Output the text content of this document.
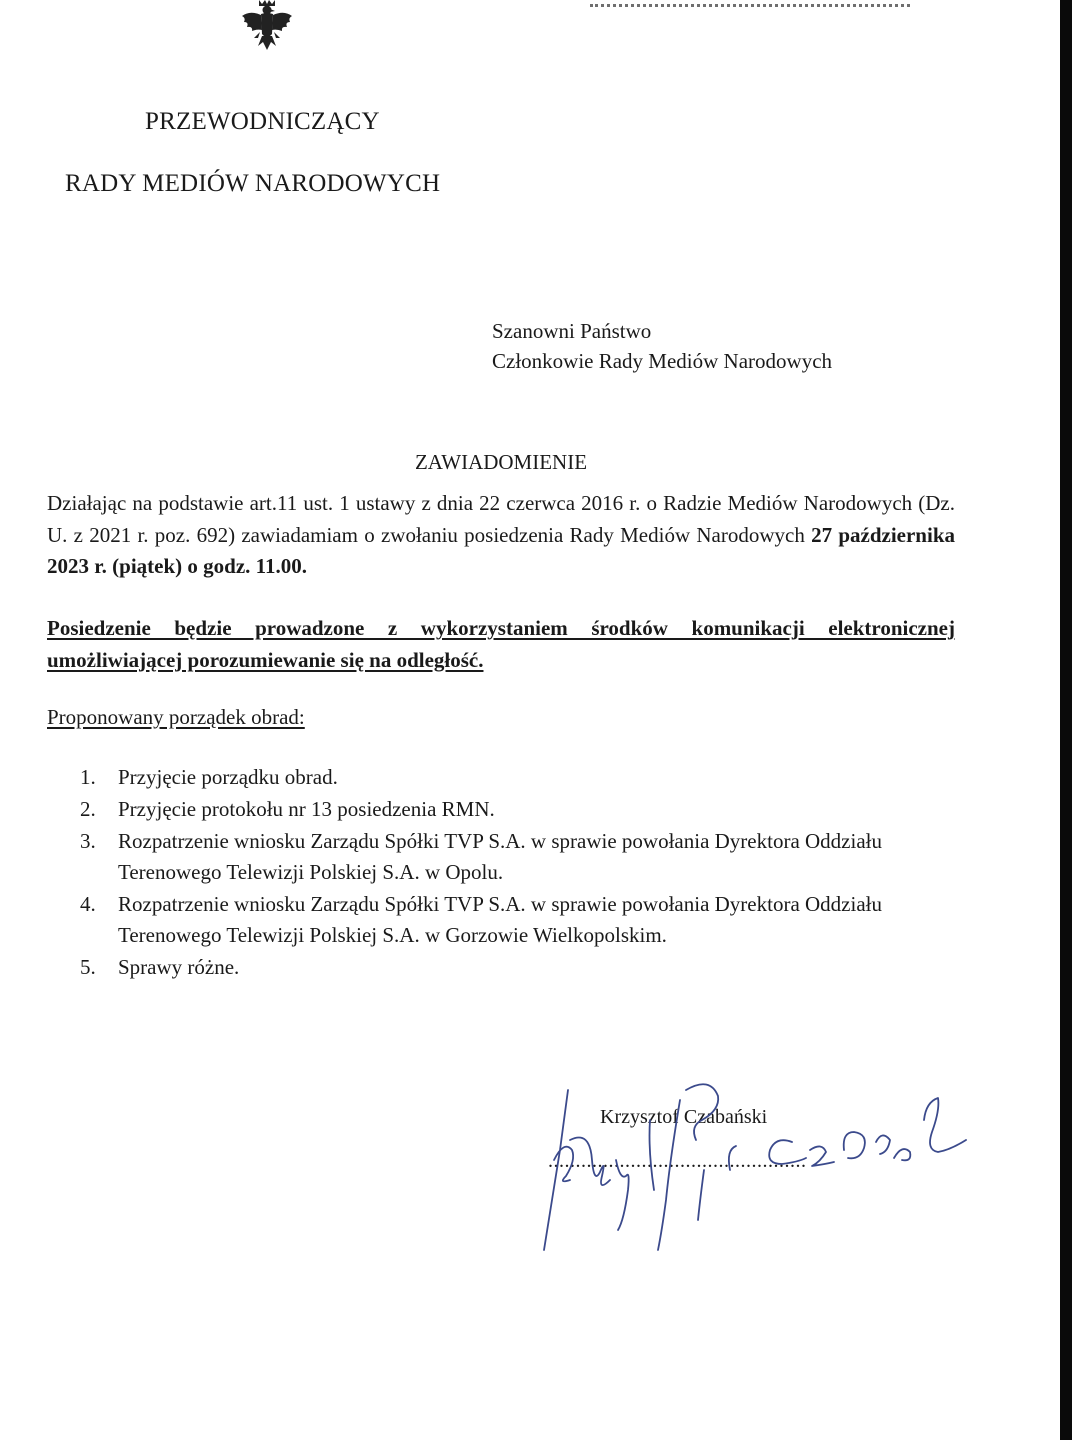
PRZEWODNICZĄCY
RADY MEDIÓW NARODOWYCH
Szanowni Państwo
Członkowie Rady Mediów Narodowych
ZAWIADOMIENIE
Działając na podstawie art.11 ust. 1 ustawy z dnia 22 czerwca 2016 r. o Radzie Mediów Narodowych (Dz. U. z 2021 r. poz. 692) zawiadamiam o zwołaniu posiedzenia Rady Mediów Narodowych 27 października 2023 r. (piątek) o godz. 11.00.
Posiedzenie będzie prowadzone z wykorzystaniem środków komunikacji elektronicznej umożliwiającej porozumiewanie się na odległość.
Proponowany porządek obrad:
1. Przyjęcie porządku obrad.
2. Przyjęcie protokołu nr 13 posiedzenia RMN.
3. Rozpatrzenie wniosku Zarządu Spółki TVP S.A. w sprawie powołania Dyrektora Oddziału Terenowego Telewizji Polskiej S.A. w Opolu.
4. Rozpatrzenie wniosku Zarządu Spółki TVP S.A. w sprawie powołania Dyrektora Oddziału Terenowego Telewizji Polskiej S.A. w Gorzowie Wielkopolskim.
5. Sprawy różne.
Krzysztof Czabański
...............................................
